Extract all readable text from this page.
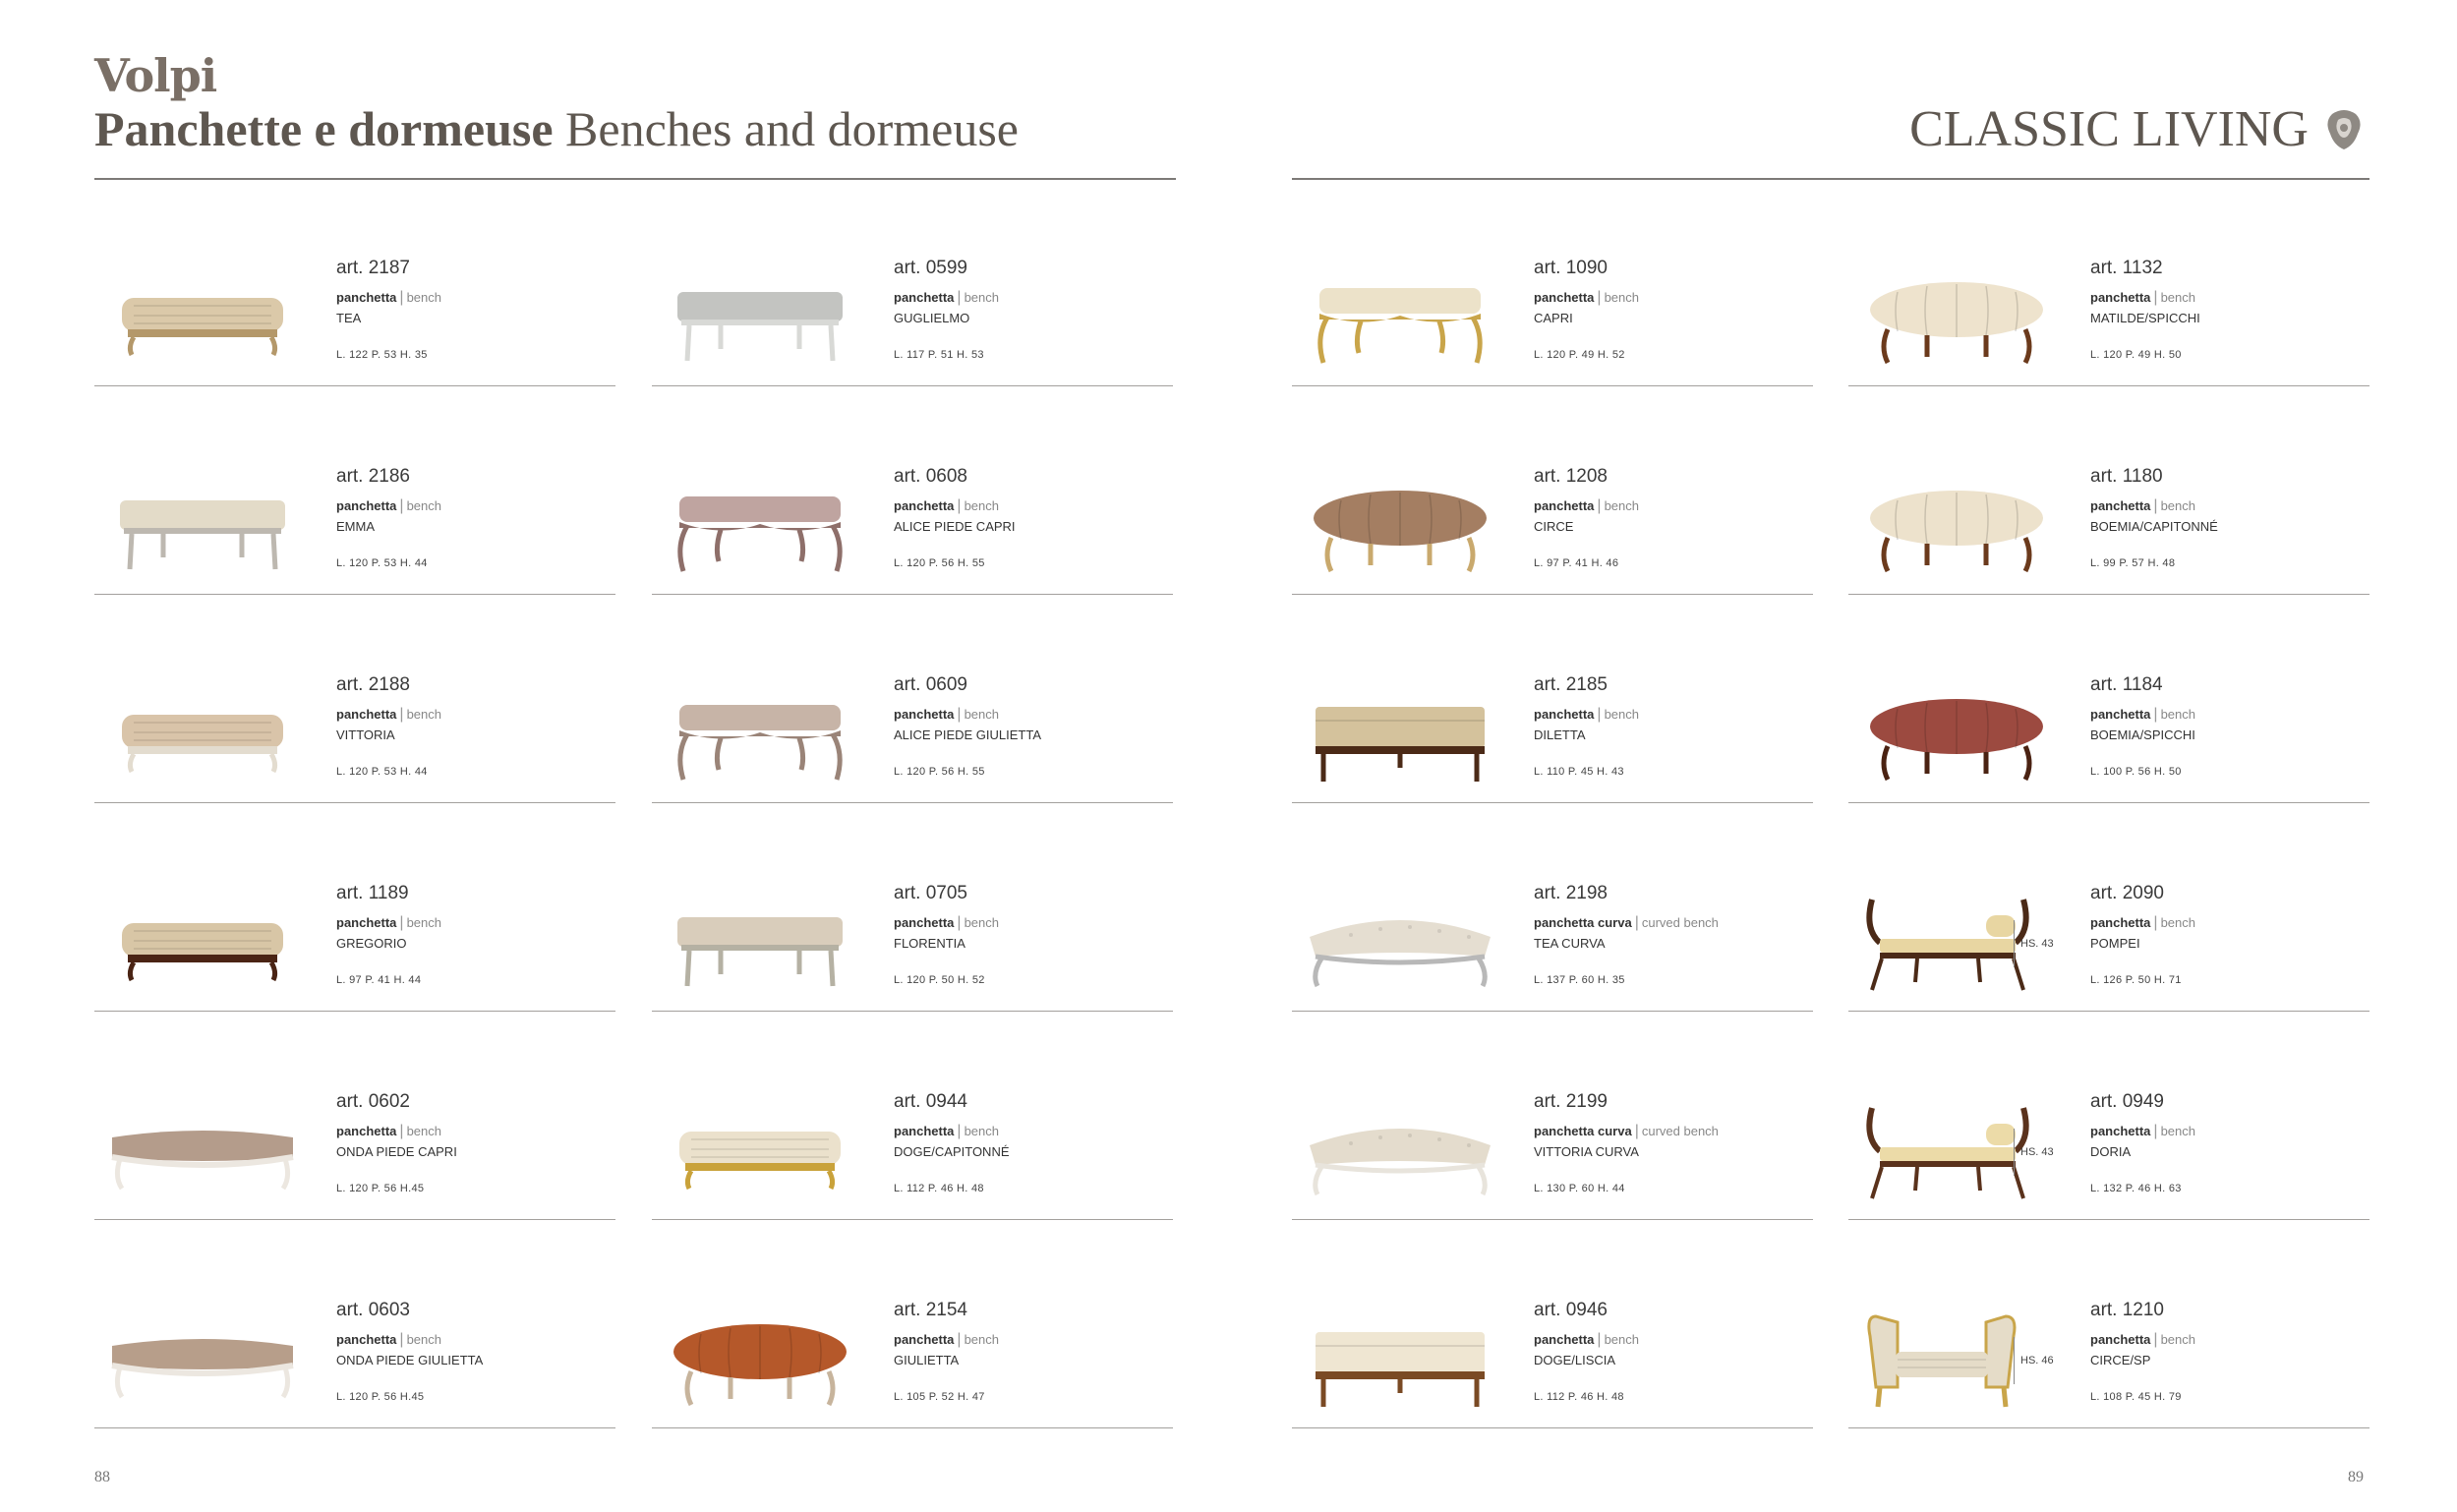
Volpi
Panchette e dormeuse Benches and dormeuse	CLASSIC LIVING
art. 2187
panchetta | bench
TEA
L. 122 P. 53 H. 35
art. 2186
panchetta | bench
EMMA
L. 120 P. 53 H. 44
art. 2188
panchetta | bench
VITTORIA
L. 120 P. 53 H. 44
art. 1189
panchetta | bench
GREGORIO
L. 97 P. 41 H. 44
art. 0602
panchetta | bench
ONDA PIEDE CAPRI
L. 120 P. 56 H.45
art. 0603
panchetta | bench
ONDA PIEDE GIULIETTA
L. 120 P. 56 H.45
art. 0599
panchetta | bench
GUGLIELMO
L. 117 P. 51 H. 53
art. 0608
panchetta | bench
ALICE PIEDE CAPRI
L. 120 P. 56 H. 55
art. 0609
panchetta | bench
ALICE PIEDE GIULIETTA
L. 120 P. 56 H. 55
art. 0705
panchetta | bench
FLORENTIA
L. 120 P. 50 H. 52
art. 0944
panchetta | bench
DOGE/CAPITONNÉ
L. 112 P. 46 H. 48
art. 2154
panchetta | bench
GIULIETTA
L. 105 P. 52 H. 47
art. 1090
panchetta | bench
CAPRI
L. 120 P. 49 H. 52
art. 1208
panchetta | bench
CIRCE
L. 97 P. 41 H. 46
art. 2185
panchetta | bench
DILETTA
L. 110 P. 45 H. 43
art. 2198
panchetta curva | curved bench
TEA CURVA
L. 137 P. 60 H. 35
art. 2199
panchetta curva | curved bench
VITTORIA CURVA
L. 130 P. 60 H. 44
art. 0946
panchetta | bench
DOGE/LISCIA
L. 112 P. 46 H. 48
art. 1132
panchetta | bench
MATILDE/SPICCHI
L. 120 P. 49 H. 50
art. 1180
panchetta | bench
BOEMIA/CAPITONNÉ
L. 99 P. 57 H. 48
art. 1184
panchetta | bench
BOEMIA/SPICCHI
L. 100 P. 56 H. 50
HS. 43
art. 2090
panchetta | bench
POMPEI
L. 126 P. 50 H. 71
HS. 43
art. 0949
panchetta | bench
DORIA
L. 132 P. 46 H. 63
HS. 46
art. 1210
panchetta | bench
CIRCE/SP
L. 108 P. 45 H. 79
88	89
